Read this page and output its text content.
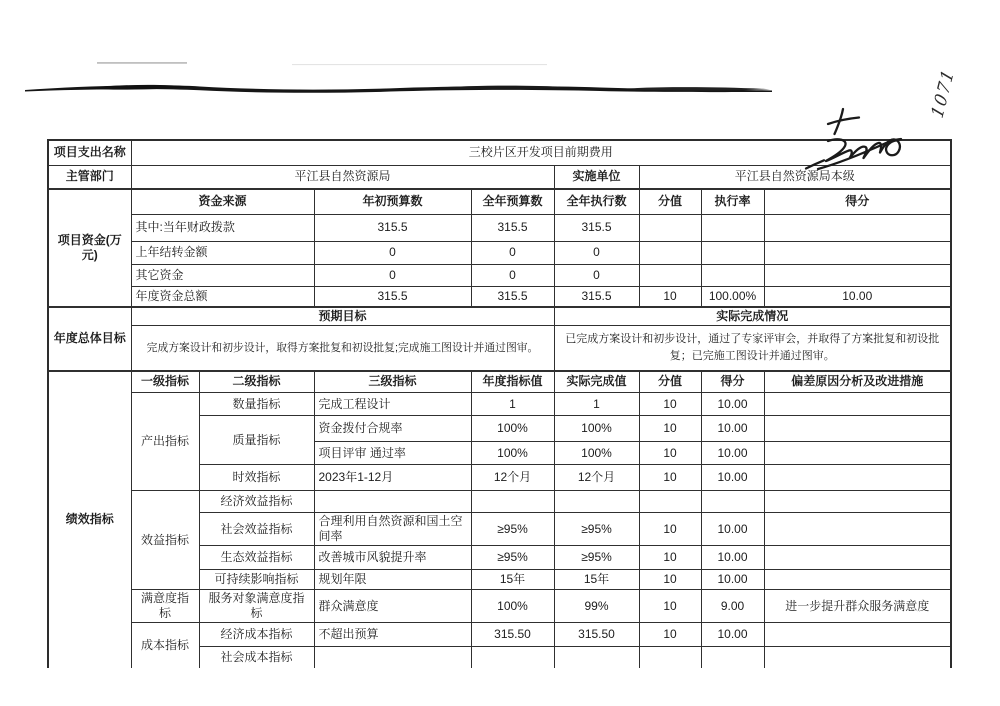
1071
项目支出名称	三校片区开发项目前期费用							
主管部门	平江县自然资源局				实施单位	平江县自然资源局本级		
项目资金(万元)	资金来源		年初预算数	全年预算数	全年执行数	分值	执行率	得分
	其中:当年财政拨款		315.5	315.5	315.5			
	上年结转金额		0	0	0			
	其它资金		0	0	0			
	年度资金总额		315.5	315.5	315.5	10	100.00%	10.00
年度总体目标	预期目标				实际完成情况			
	完成方案设计和初步设计，取得方案批复和初设批复;完成施工图设计并通过图审。				已完成方案设计和初步设计，通过了专家评审会，并取得了方案批复和初设批复；已完施工图设计并通过图审。			
绩效指标	一级指标	二级指标	三级指标	年度指标值	实际完成值	分值	得分	偏差原因分析及改进措施
	产出指标	数量指标	完成工程设计	1	1	10	10.00	
		质量指标	资金拨付合规率	100%	100%	10	10.00	
			项目评审 通过率	100%	100%	10	10.00	
		时效指标	2023年1-12月	12个月	12个月	10	10.00	
	效益指标	经济效益指标						
		社会效益指标	合理利用自然资源和国土空间率	≥95%	≥95%	10	10.00	
		生态效益指标	改善城市风貌提升率	≥95%	≥95%	10	10.00	
		可持续影响指标	规划年限	15年	15年	10	10.00	
	满意度指标	服务对象满意度指标	群众满意度	100%	99%	10	9.00	进一步提升群众服务满意度
	成本指标	经济成本指标	不超出预算	315.50	315.50	10	10.00	
		社会成本指标						
